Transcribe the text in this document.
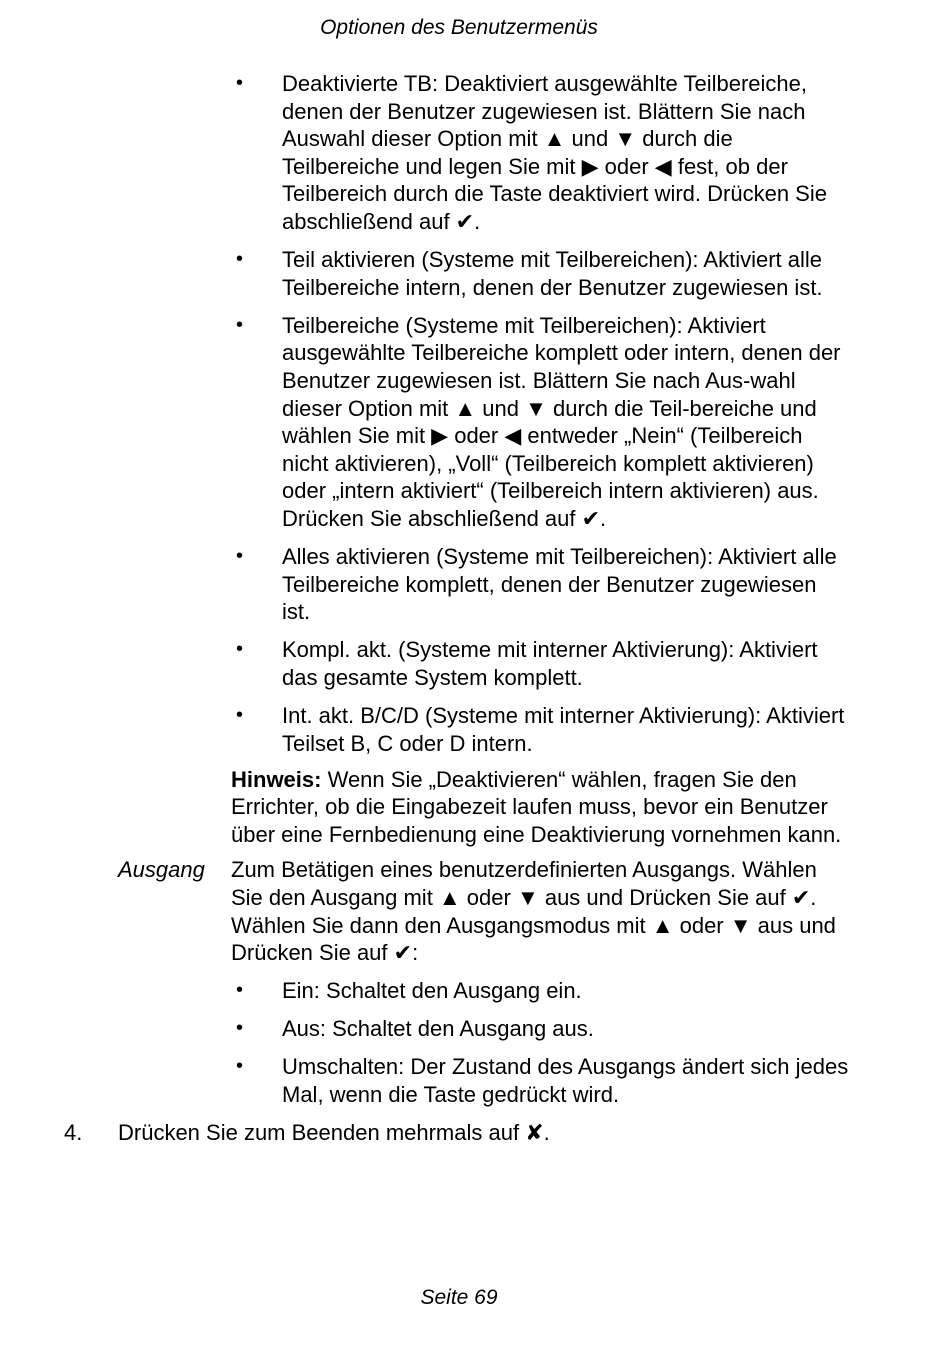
Optionen des Benutzermenüs
• Deaktivierte TB: Deaktiviert ausgewählte Teilbereiche, denen der Benutzer zugewiesen ist. Blättern Sie nach Auswahl dieser Option mit ▲ und ▼ durch die Teilbereiche und legen Sie mit ▶ oder ◀ fest, ob der Teilbereich durch die Taste deaktiviert wird. Drücken Sie abschließend auf ✔.
• Teil aktivieren (Systeme mit Teilbereichen): Aktiviert alle Teilbereiche intern, denen der Benutzer zugewiesen ist.
• Teilbereiche (Systeme mit Teilbereichen): Aktiviert ausgewählte Teilbereiche komplett oder intern, denen der Benutzer zugewiesen ist. Blättern Sie nach Aus-wahl dieser Option mit ▲ und ▼ durch die Teil-bereiche und wählen Sie mit ▶ oder ◀ entweder „Nein“ (Teilbereich nicht aktivieren), „Voll“ (Teilbereich komplett aktivieren) oder „intern aktiviert“ (Teilbereich intern aktivieren) aus. Drücken Sie abschließend auf ✔.
• Alles aktivieren (Systeme mit Teilbereichen): Aktiviert alle Teilbereiche komplett, denen der Benutzer zugewiesen ist.
• Kompl. akt. (Systeme mit interner Aktivierung): Aktiviert das gesamte System komplett.
• Int. akt. B/C/D (Systeme mit interner Aktivierung): Aktiviert Teilset B, C oder D intern.
Hinweis: Wenn Sie „Deaktivieren“ wählen, fragen Sie den Errichter, ob die Eingabezeit laufen muss, bevor ein Benutzer über eine Fernbedienung eine Deaktivierung vornehmen kann.
Ausgang	Zum Betätigen eines benutzerdefinierten Ausgangs. Wählen Sie den Ausgang mit ▲ oder ▼ aus und Drücken Sie auf ✔. Wählen Sie dann den Ausgangsmodus mit ▲ oder ▼ aus und Drücken Sie auf ✔:
• Ein: Schaltet den Ausgang ein.
• Aus: Schaltet den Ausgang aus.
• Umschalten: Der Zustand des Ausgangs ändert sich jedes Mal, wenn die Taste gedrückt wird.
4.	Drücken Sie zum Beenden mehrmals auf ✘.
Seite 69
